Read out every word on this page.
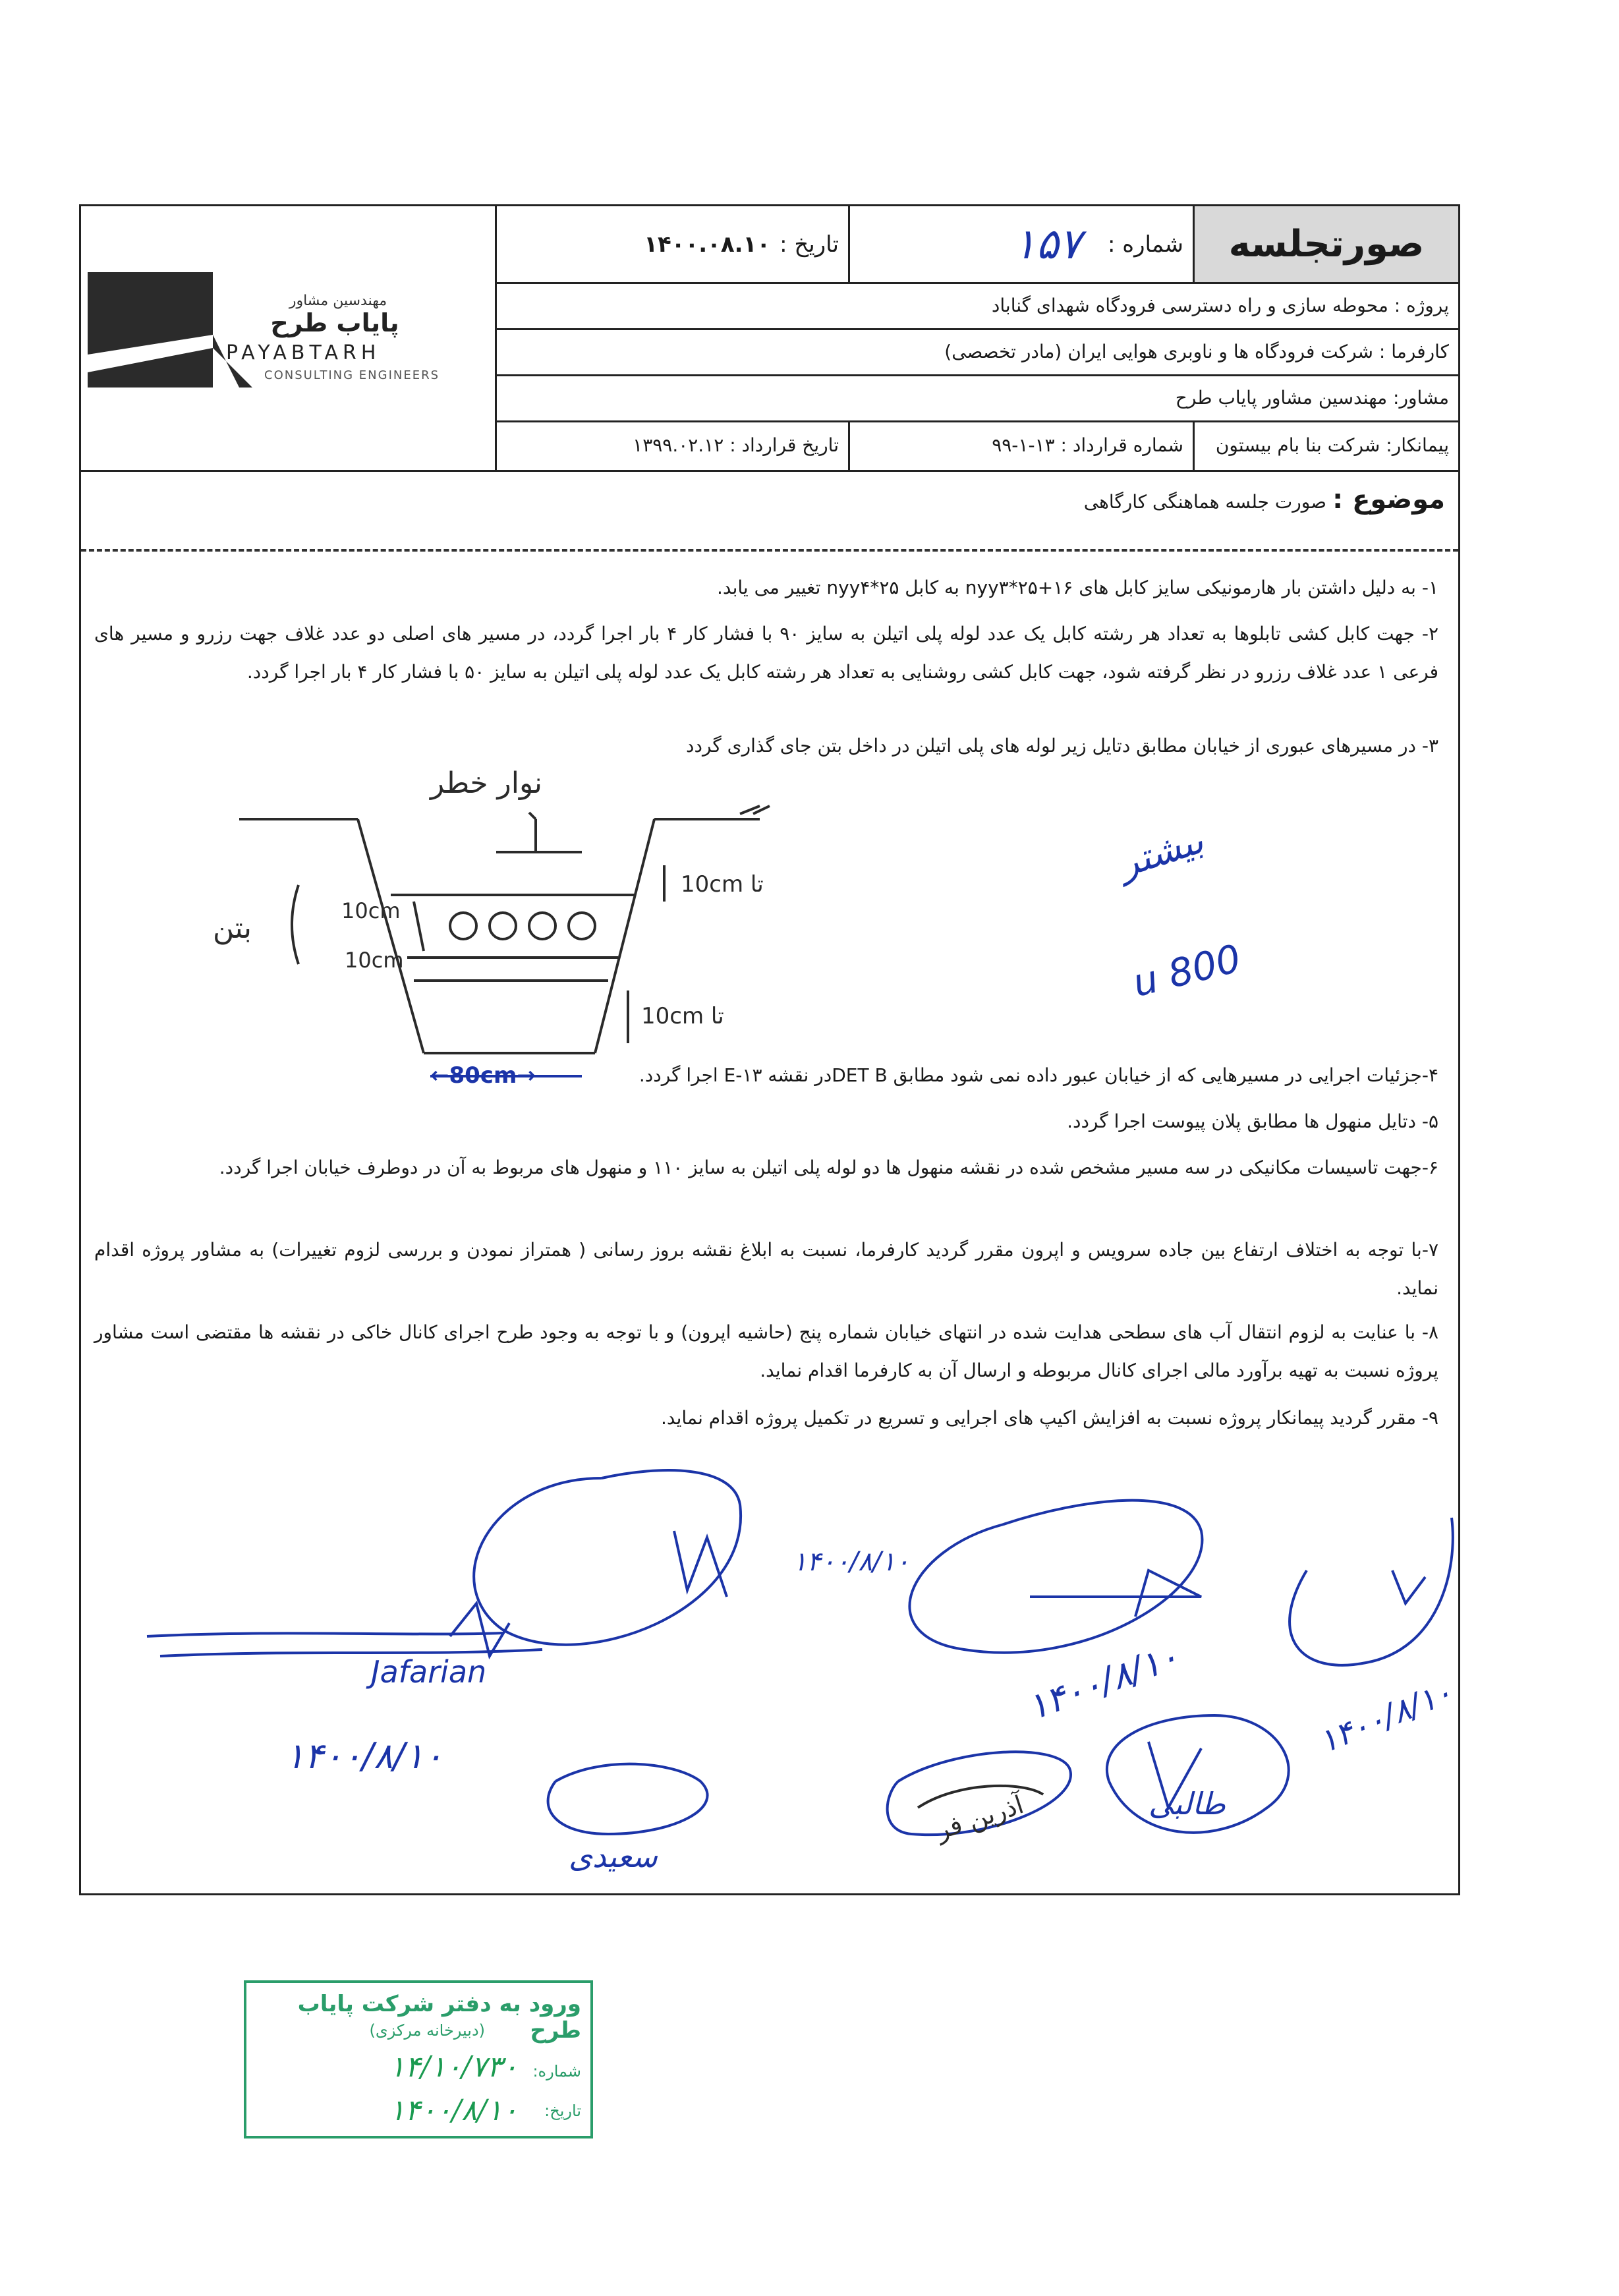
مهندسین مشاور
پایاب طرح
PAYABTARH
CONSULTING ENGINEERS
صورتجلسه
شماره :
۱۵۷
تاریخ :
۱۴۰۰.۰۸.۱۰
پروژه : محوطه سازی و راه دسترسی فرودگاه شهدای گناباد
کارفرما : شرکت فرودگاه ها و ناوبری هوایی ایران (مادر تخصصی)
مشاور: مهندسین مشاور پایاب طرح
پیمانکار: شرکت بنا بام بیستون
شماره قرارداد : ۱۳-۱-۹۹
تاریخ قرارداد : ۱۳۹۹.۰۲.۱۲
موضوع :
صورت جلسه هماهنگی کارگاهی
۱- به دلیل داشتن بار هارمونیکی سایز کابل های ۱۶+۲۵*nyy۳ به کابل ۲۵*nyy۴ تغییر می یابد.
۲- جهت کابل کشی تابلوها به تعداد هر رشته کابل یک عدد لوله پلی اتیلن به سایز ۹۰ با فشار کار ۴ بار اجرا گردد، در مسیر های اصلی دو عدد غلاف جهت رزرو و مسیر های فرعی ۱ عدد غلاف رزرو در نظر گرفته شود، جهت کابل کشی روشنایی به تعداد هر رشته کابل یک عدد لوله پلی اتیلن به سایز ۵۰ با فشار کار ۴ بار اجرا گردد.
۳- در مسیرهای عبوری از خیابان مطابق دتایل زیر لوله های پلی اتیلن در داخل بتن جای گذاری گردد
نوار خطر
بتن
10cm
10cm
10cm تا
10cm تا
←80cm→
بیشتر
u 800
۴-جزئیات اجرایی در مسیرهایی که از خیابان عبور داده نمی شود مطابق DET Bدر نقشه E-۱۳ اجرا گردد.
۵- دتایل منهول ها مطابق پلان پیوست اجرا گردد.
۶-جهت تاسیسات مکانیکی در سه مسیر مشخص شده در نقشه منهول ها دو لوله پلی اتیلن به سایز ۱۱۰ و منهول های مربوط به آن در دوطرف خیابان اجرا گردد.
۷-با توجه به اختلاف ارتفاع بین جاده سرویس و اپرون مقرر گردید کارفرما، نسبت به ابلاغ نقشه بروز رسانی ( همتراز نمودن و بررسی لزوم تغییرات) به مشاور پروژه اقدام نماید.
۸- با عنایت به لزوم انتقال آب های سطحی هدایت شده در انتهای خیابان شماره پنج (حاشیه اپرون) و با توجه به وجود طرح اجرای کانال خاکی در نقشه ها مقتضی است مشاور پروژه نسبت به تهیه برآورد مالی اجرای کانال مربوطه و ارسال آن به کارفرما اقدام نماید.
۹- مقرر گردید پیمانکار پروژه نسبت به افزایش اکیپ های اجرایی و تسریع در تکمیل پروژه اقدام نماید.
Jafarian
۱۴۰۰/۸/۱۰
۱۴۰۰/۸/۱۰	۱۴۰۰/۸/۱۰
۱۴۰۰/۸/۱۰
آذرین فر	طالبی
سعیدی
ورود به دفتر شرکت پایاب طرح
(دبیرخانه مرکزی)
شماره:
۱۴/۱۰/۷۳۰
تاریخ:
۱۴۰۰/۸/۱۰
